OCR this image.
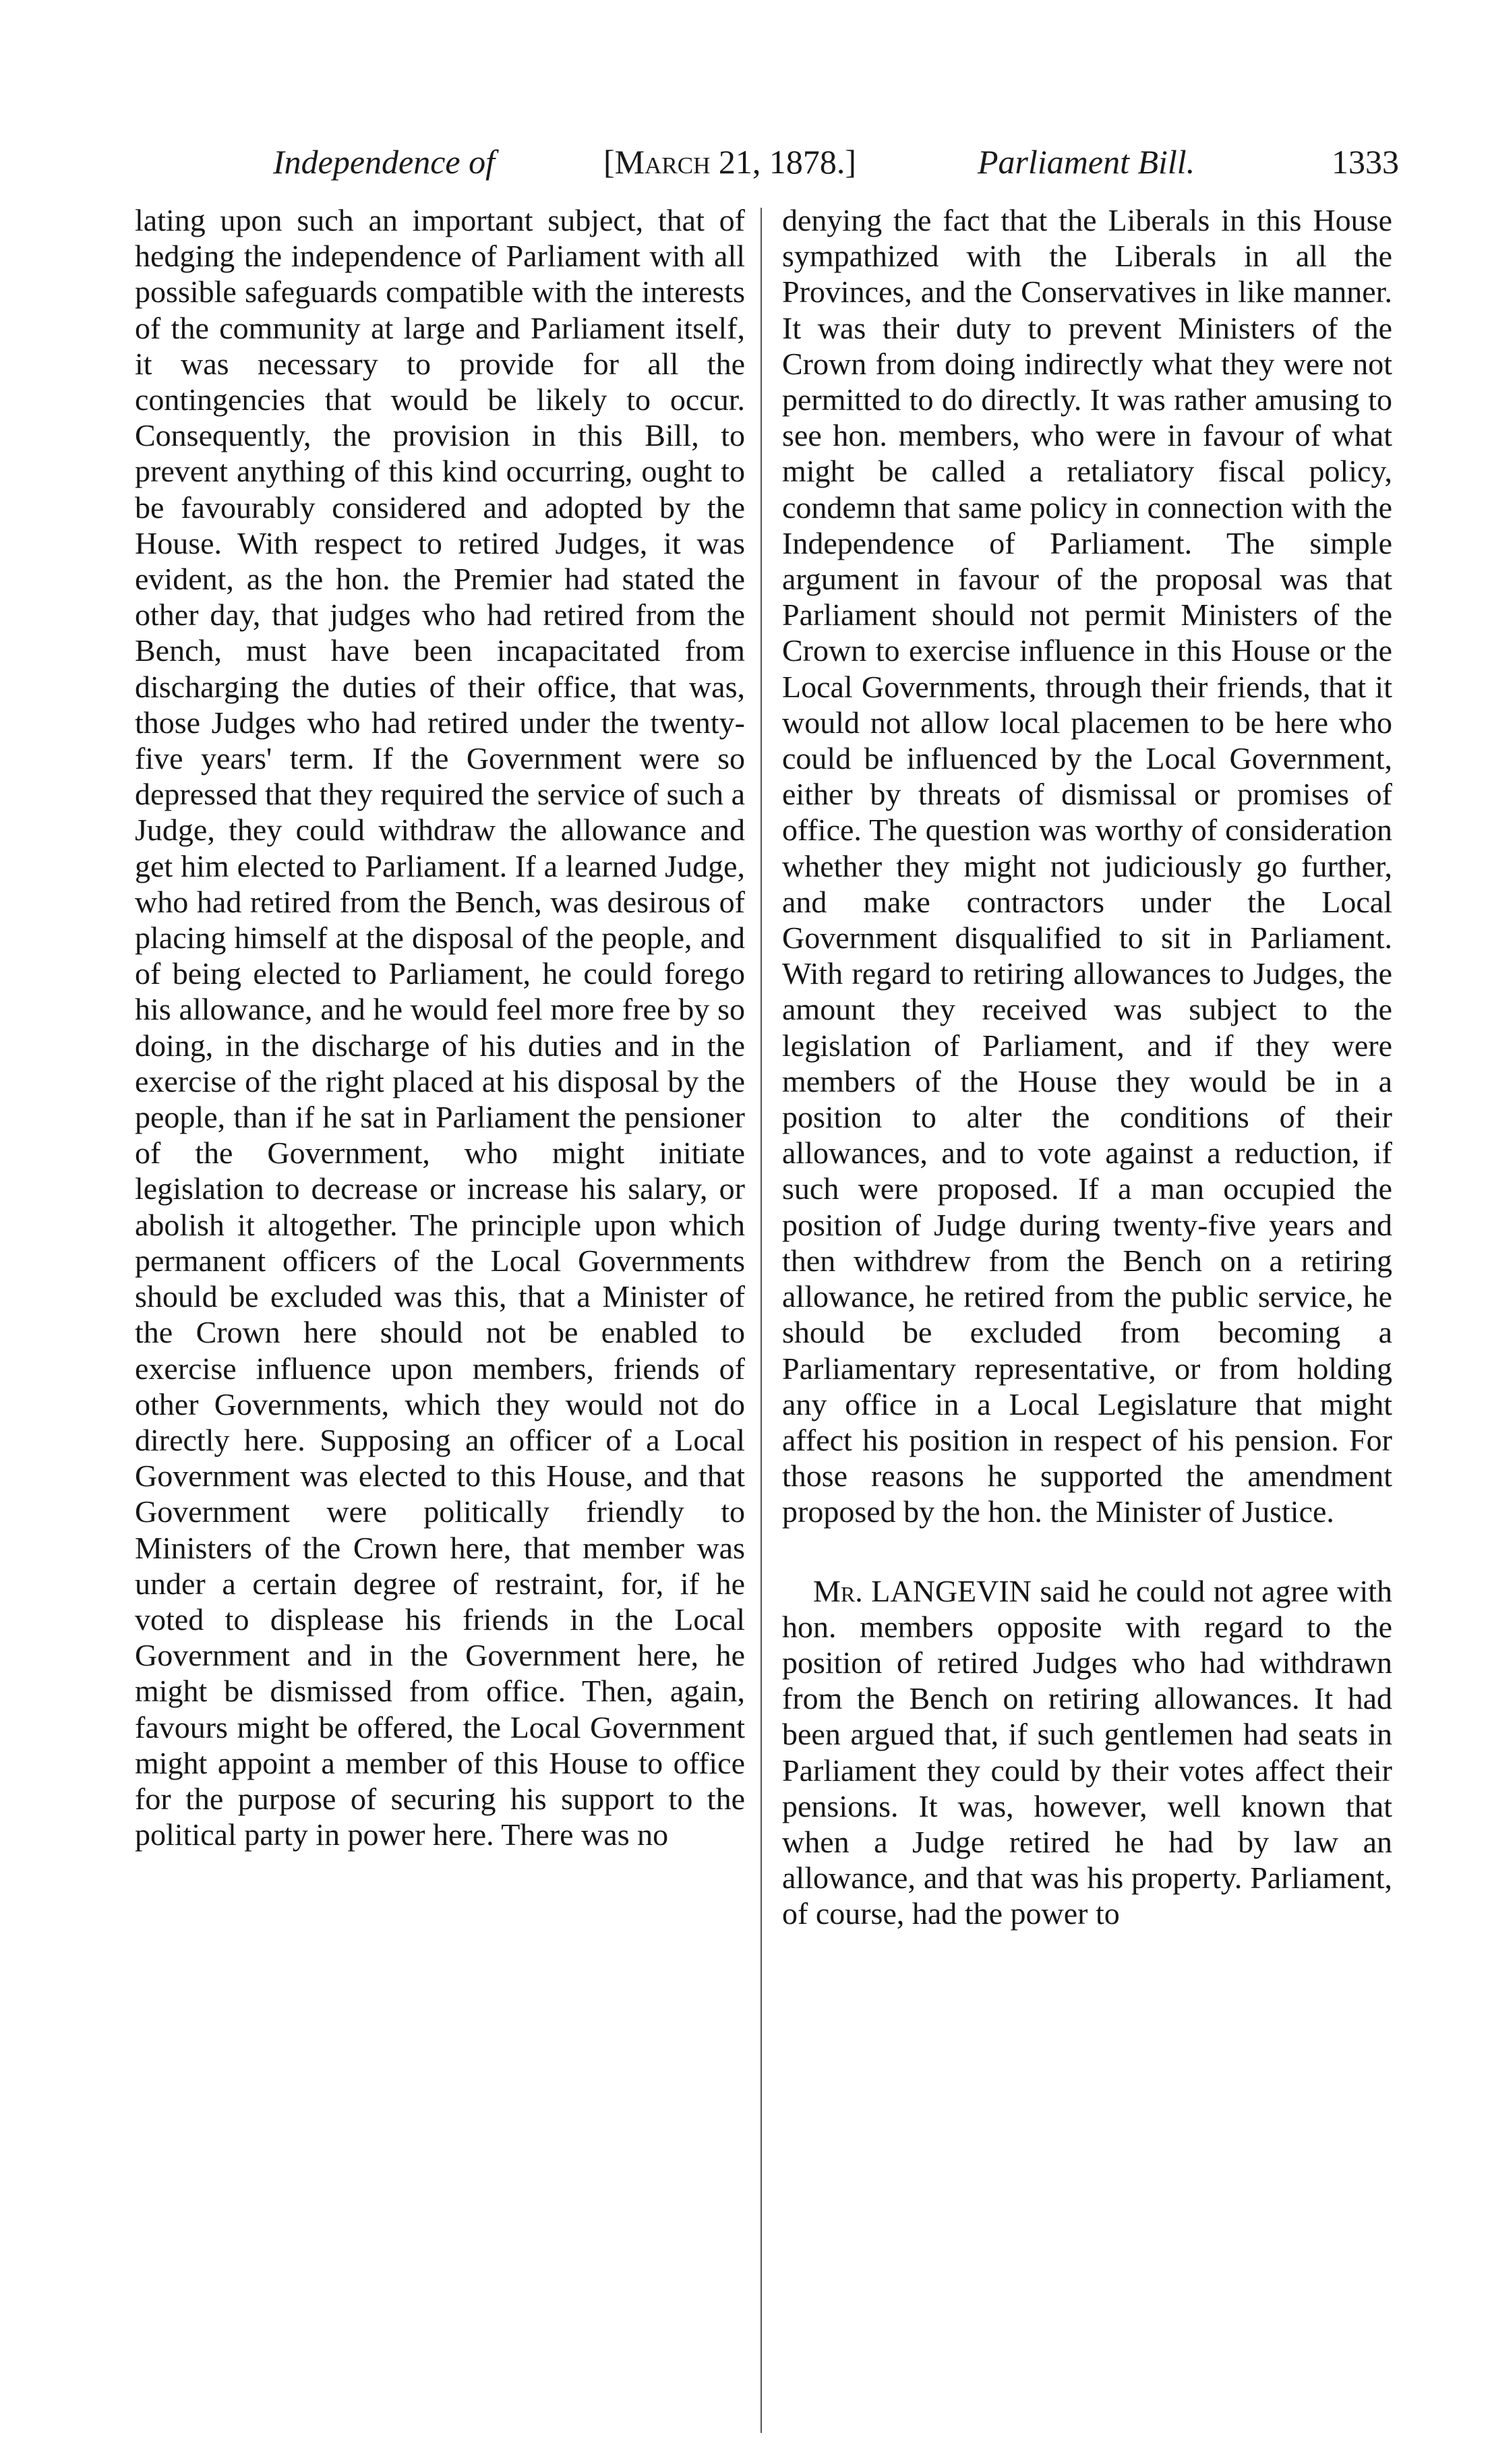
Independence of	[March 21, 1878.]	Parliament Bill.	1333

lating upon such an important subject, that of hedging the independence of Parliament with all possible safeguards compatible with the interests of the community at large and Parliament itself, it was necessary to provide for all the contingencies that would be likely to occur. Consequently, the provision in this Bill, to prevent anything of this kind occurring, ought to be favourably considered and adopted by the House. With respect to retired Judges, it was evident, as the hon. the Premier had stated the other day, that judges who had retired from the Bench, must have been incapacitated from discharging the duties of their office, that was, those Judges who had retired under the twenty-five years' term. If the Government were so depressed that they required the service of such a Judge, they could withdraw the allowance and get him elected to Parliament. If a learned Judge, who had retired from the Bench, was desirous of placing himself at the disposal of the people, and of being elected to Parliament, he could forego his allowance, and he would feel more free by so doing, in the discharge of his duties and in the exercise of the right placed at his disposal by the people, than if he sat in Parliament the pensioner of the Government, who might initiate legislation to decrease or increase his salary, or abolish it altogether. The principle upon which permanent officers of the Local Governments should be excluded was this, that a Minister of the Crown here should not be enabled to exercise influence upon members, friends of other Governments, which they would not do directly here. Supposing an officer of a Local Government was elected to this House, and that Government were politically friendly to Ministers of the Crown here, that member was under a certain degree of restraint, for, if he voted to displease his friends in the Local Government and in the Government here, he might be dismissed from office. Then, again, favours might be offered, the Local Government might appoint a member of this House to office for the purpose of securing his support to the political party in power here. There was no

denying the fact that the Liberals in this House sympathized with the Liberals in all the Provinces, and the Conservatives in like manner. It was their duty to prevent Ministers of the Crown from doing indirectly what they were not permitted to do directly. It was rather amusing to see hon. members, who were in favour of what might be called a retaliatory fiscal policy, condemn that same policy in connection with the Independence of Parliament. The simple argument in favour of the proposal was that Parliament should not permit Ministers of the Crown to exercise influence in this House or the Local Governments, through their friends, that it would not allow local placemen to be here who could be influenced by the Local Government, either by threats of dismissal or promises of office. The question was worthy of consideration whether they might not judiciously go further, and make contractors under the Local Government disqualified to sit in Parliament. With regard to retiring allowances to Judges, the amount they received was subject to the legislation of Parliament, and if they were members of the House they would be in a position to alter the conditions of their allowances, and to vote against a reduction, if such were proposed. If a man occupied the position of Judge during twenty-five years and then withdrew from the Bench on a retiring allowance, he retired from the public service, he should be excluded from becoming a Parliamentary representative, or from holding any office in a Local Legislature that might affect his position in respect of his pension. For those reasons he supported the amendment proposed by the hon. the Minister of Justice.

 Mr. LANGEVIN said he could not agree with hon. members opposite with regard to the position of retired Judges who had withdrawn from the Bench on retiring allowances. It had been argued that, if such gentlemen had seats in Parliament they could by their votes affect their pensions. It was, however, well known that when a Judge retired he had by law an allowance, and that was his property. Parliament, of course, had the power to
